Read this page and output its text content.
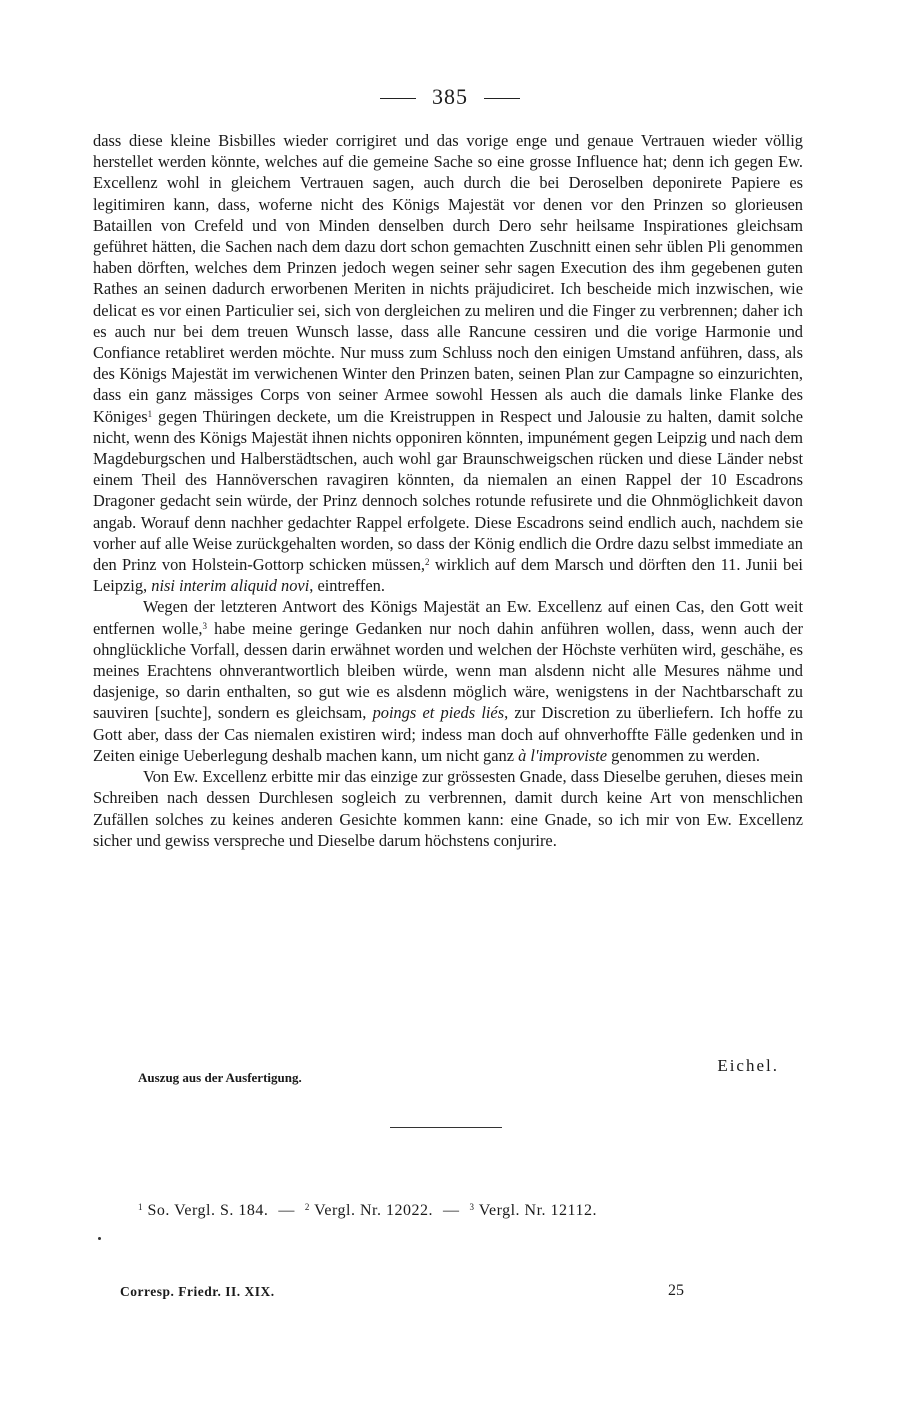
385

dass diese kleine Bisbilles wieder corrigiret und das vorige enge und genaue Vertrauen wieder völlig herstellet werden könnte, welches auf die gemeine Sache so eine grosse Influence hat; denn ich gegen Ew. Excellenz wohl in gleichem Vertrauen sagen, auch durch die bei Deroselben deponirete Papiere es legitimiren kann, dass, woferne nicht des Königs Majestät vor denen vor den Prinzen so glorieusen Bataillen von Crefeld und von Minden denselben durch Dero sehr heilsame Inspirationes gleichsam geführet hätten, die Sachen nach dem dazu dort schon gemachten Zuschnitt einen sehr üblen Pli genommen haben dörften, welches dem Prinzen jedoch wegen seiner sehr sagen Execution des ihm gegebenen guten Rathes an seinen dadurch erworbenen Meriten in nichts präjudiciret. Ich bescheide mich inzwischen, wie delicat es vor einen Particulier sei, sich von dergleichen zu meliren und die Finger zu verbrennen; daher ich es auch nur bei dem treuen Wunsch lasse, dass alle Rancune cessiren und die vorige Harmonie und Confiance retabliret werden möchte. Nur muss zum Schluss noch den einigen Umstand anführen, dass, als des Königs Majestät im verwichenen Winter den Prinzen baten, seinen Plan zur Campagne so einzurichten, dass ein ganz mässiges Corps von seiner Armee sowohl Hessen als auch die damals linke Flanke des Königes$^1$ gegen Thüringen deckete, um die Kreistruppen in Respect und Jalousie zu halten, damit solche nicht, wenn des Königs Majestät ihnen nichts opponiren könnten, impunément gegen Leipzig und nach dem Magdeburgschen und Halberstädtschen, auch wohl gar Braunschweigschen rücken und diese Länder nebst einem Theil des Hannöverschen ravagiren könnten, da niemalen an einen Rappel der 10 Escadrons Dragoner gedacht sein würde, der Prinz dennoch solches rotunde refusirete und die Ohnmöglichkeit davon angab. Worauf denn nachher gedachter Rappel erfolgete. Diese Escadrons seind endlich auch, nachdem sie vorher auf alle Weise zurückgehalten worden, so dass der König endlich die Ordre dazu selbst immediate an den Prinz von Holstein-Gottorp schicken müssen,$^2$ wirklich auf dem Marsch und dörften den 11. Junii bei Leipzig, nisi interim aliquid novi, eintreffen.

Wegen der letzteren Antwort des Königs Majestät an Ew. Excellenz auf einen Cas, den Gott weit entfernen wolle,$^3$ habe meine geringe Gedanken nur noch dahin anführen wollen, dass, wenn auch der ohnglückliche Vorfall, dessen darin erwähnet worden und welchen der Höchste verhüten wird, geschähe, es meines Erachtens ohnverantwortlich bleiben würde, wenn man alsdenn nicht alle Mesures nähme und dasjenige, so darin enthalten, so gut wie es alsdenn möglich wäre, wenigstens in der Nachtbarschaft zu sauviren [suchte], sondern es gleichsam, poings et pieds liés, zur Discretion zu überliefern. Ich hoffe zu Gott aber, dass der Cas niemalen existiren wird; indess man doch auf ohnverhoffte Fälle gedenken und in Zeiten einige Ueberlegung deshalb machen kann, um nicht ganz à l'improviste genommen zu werden.

Von Ew. Excellenz erbitte mir das einzige zur grössesten Gnade, dass Dieselbe geruhen, dieses mein Schreiben nach dessen Durchlesen sogleich zu verbrennen, damit durch keine Art von menschlichen Zufällen solches zu keines anderen Gesichte kommen kann: eine Gnade, so ich mir von Ew. Excellenz sicher und gewiss verspreche und Dieselbe darum höchstens conjurire.

Auszug aus der Ausfertigung.
Eichel.
$^1$ So. Vergl. S. 184. — $^2$ Vergl. Nr. 12022. — $^3$ Vergl. Nr. 12112.
Corresp. Friedr. II. XIX.	25
